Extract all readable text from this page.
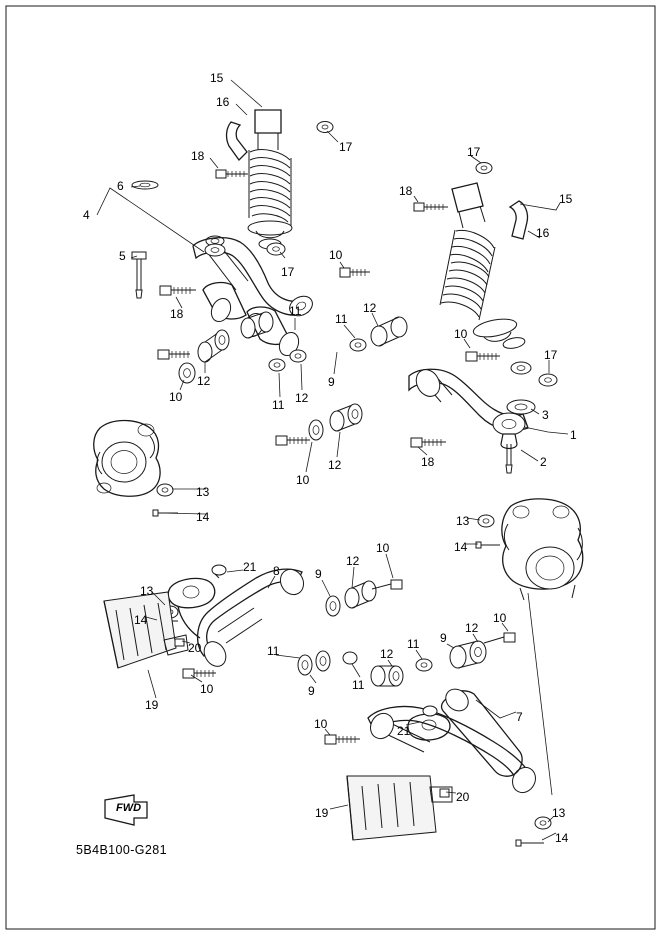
15
16
17
18
6
4
5
17
10
18
10
12
11
11 12
9
11
12
10
12
17
18
15
16
10
17
3
1
2
18
13
14
13
14
21 8
13
14
20
19
10
9
12
10
11
9	11
12
11 9
12
10
10	21
7
20
19	13
14
FWD
5B4B100-G281
